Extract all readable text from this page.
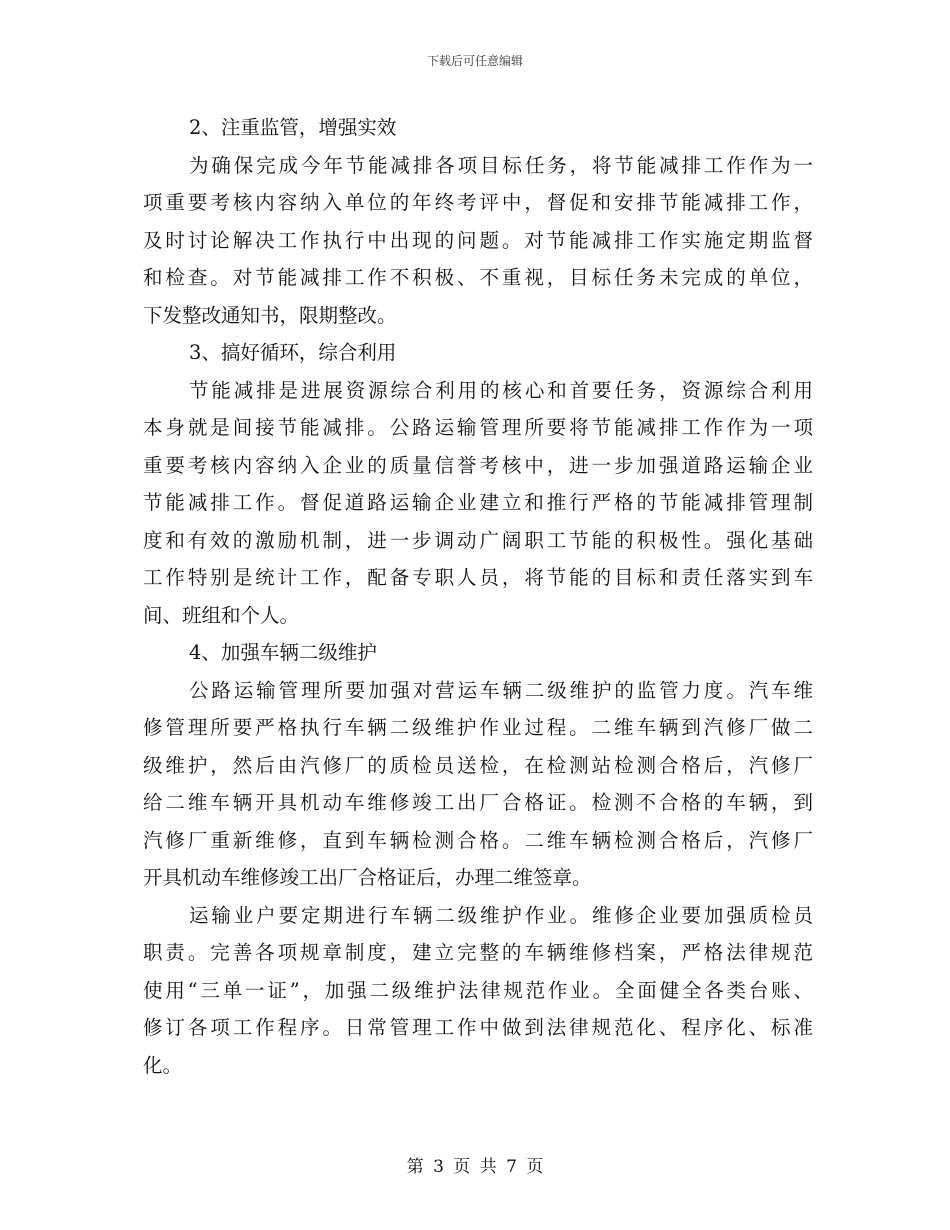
下载后可任意编辑
2、注重监管，增强实效
为确保完成今年节能减排各项目标任务，将节能减排工作作为一
项重要考核内容纳入单位的年终考评中，督促和安排节能减排工作，
及时讨论解决工作执行中出现的问题。对节能减排工作实施定期监督
和检查。对节能减排工作不积极、不重视，目标任务未完成的单位，
下发整改通知书，限期整改。
3、搞好循环，综合利用
节能减排是进展资源综合利用的核心和首要任务，资源综合利用
本身就是间接节能减排。公路运输管理所要将节能减排工作作为一项
重要考核内容纳入企业的质量信誉考核中，进一步加强道路运输企业
节能减排工作。督促道路运输企业建立和推行严格的节能减排管理制
度和有效的激励机制，进一步调动广阔职工节能的积极性。强化基础
工作特别是统计工作，配备专职人员，将节能的目标和责任落实到车
间、班组和个人。
4、加强车辆二级维护
公路运输管理所要加强对营运车辆二级维护的监管力度。汽车维
修管理所要严格执行车辆二级维护作业过程。二维车辆到汽修厂做二
级维护，然后由汽修厂的质检员送检，在检测站检测合格后，汽修厂
给二维车辆开具机动车维修竣工出厂合格证。检测不合格的车辆，到
汽修厂重新维修，直到车辆检测合格。二维车辆检测合格后，汽修厂
开具机动车维修竣工出厂合格证后，办理二维签章。
运输业户要定期进行车辆二级维护作业。维修企业要加强质检员
职责。完善各项规章制度，建立完整的车辆维修档案，严格法律规范
使用“三单一证”，加强二级维护法律规范作业。全面健全各类台账、
修订各项工作程序。日常管理工作中做到法律规范化、程序化、标准
化。
第 3 页 共 7 页
